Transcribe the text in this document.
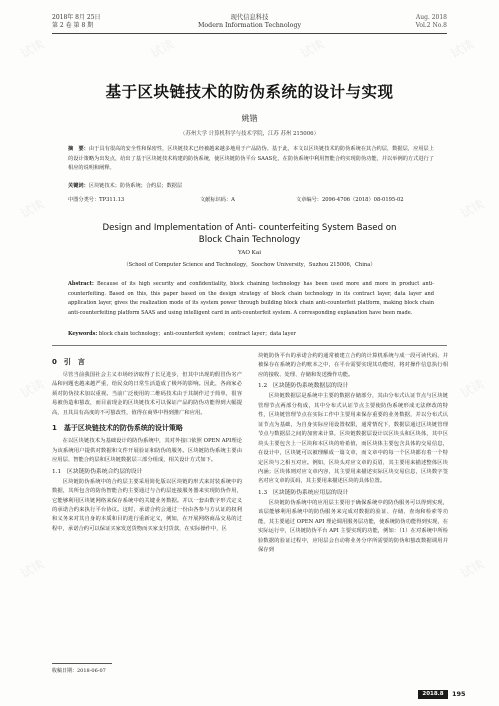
2018年 8月 25日
第 2 卷 第 8 期
现代信息科技
Modern Information Technology
Aug. 2018
Vol.2 No.8
基于区块链技术的防伪系统的设计与实现
姚锴
（苏州大学 计算机科学与技术学院，江苏 苏州 215006）
摘　要：由于具有很高的安全性和保密性，区块链技术已经被越来越多地用于产品防伪。基于此，本文以区块链技术的防伪系统在其合约层，数据层，应用层上的设计策略为出发点，给出了基于区块链技术构建的防伪系统，使区块链防伪平台 SAAS化，在防伪系统中利用智能合约实现防伪功能，并以举例的方式进行了相应的说明和阐释。
关键词：区块链技术；防伪系统；合约层；数据层
中图分类号：TP311.13	文献标识码：A	文章编号：2096-4706（2018）08-0195-02
Design and Implementation of Anti- counterfeiting System Based on
Block Chain Technology
YAO Kai
（School of Computer Science and Technology，Soochow University，Suzhou 215006，China）
Abstract: Because of its high security and confidentiality, block chaining technology has been used more and more in product anti-counterfeiting. Based on this, this paper based on the design strategy of block chain technology in its contract layer, data layer and application layer, gives the realization mode of its system power through building block chain anti-counterfeit platform, making block chain anti-counterfeiting platform SAAS and using intelligent card in anti-counterfeit system. A corresponding explanation have been made.
Keywords: block chain technology；anti-counterfeit system；contract layer；data layer
0　引　言

尽管当前我国社会主义市场经济取得了长足进步，但其中出现的假冒伪劣产品和问题也越来越严重，给民众的日常生活造成了极坏的影响。因此，各商家必须对防伪技术加以重视。当前广泛使用的二维码技术由于其制作过于简单，很容易被伪造和篡改，而目前现金的区块链技术可以保证产品的防伪功能得到大幅提高，且其具有高度的不可篡改性，值得在商界中得到推广和应用。

1　基于区块链技术的防伪系统的设计策略

在以区块链技术为基础设计的防伪系统中，其对外接口依照 OPEN API理论为该系统用户提供对数据和文件开展验证和防伪的服务。区块链防伪系统主要由应用层、智能合约层和区块链数据层三部分组成，相关设计方式如下。

1.1　区块链防伪系统合约层的设计

区块链防伪系统中的合约层主要采用简化版以区块链的形式来封装系统中的数据，其所包含的防伪智能合约主要通过与合约层连接服务器来实现防伪作用，它能够利用区块链网络来保存系统中的关键业务数据。并以一套由数字形式定义的承诺合约来执行平台协议。这时，承诺合约会通过一份由各参与方认证的权利和义务来对其自身的本质和目的进行重新定义，例如，在开展网络商品交易的过程中，承诺合约可以保证买家发送货物而买家支付货款，在实际操作中，区

块链防伪平台的承诺合约的通常被建立合约的计算机系统与成一段可读代码，并被保存在系统的合约账本之中，在平台需要实现其功能时，将对操作信息执行相应的接收、处理、存储和发送操作功能。

1.2　区块链防伪系统数据层的设计

区块链数据层是系统中主要的数据存储部分，其由分布式认证节点与区块链管理节点两部分构成，其中分布式认证节点主要使防伪系统形成无法修改的特性，区块链管理节点在实际工作中主要用来保存重要的业务数据，并以分布式认证节点为基础，为自身实际应用设置权限，通常情况下，数据层通过区块链管理节点与数据层之间的加密来计算，区块链数据层设计以区块头和区块体，其中区块头主要包含上一区块和本区块的哈希值，而区块体主要包含具体的交易信息，在设计中，区块链可以被理解成一篇文章，而文章中的每一个区块都有着一个特定区块与之相互对应。例如，区块头对应文章的页眉，其主要用来描述整体区块内涵；区块体则对应文章内容，其主要用来描述实际区块交易信息，区块数字签名对应文章的页码，其主要用来描述区块的具体位置。

1.3　区块链防伪系统应用层的设计

区块链防伪系统中的应用层主要用于确保系统中的防伪服务可以得到实现，该层能够利用系统中的防伪服务来完成对数据的验证、存储、查询和检索等功能，其主要通过 OPEN API 理论调用服务层功能，使系统防伪功能得到实现，在实际运行中，区块链防伪平台 API 主要实现的功能，例如：（1）在对系统中所检验数据的验证过程中，应用层会自动将业务分序所需要的防伪和篡改数据调用并保存到

收稿日期：2018-06-07
2018.8	195
试读	试读	试读	试读
试读	试读
试读	试读
试读	试读
